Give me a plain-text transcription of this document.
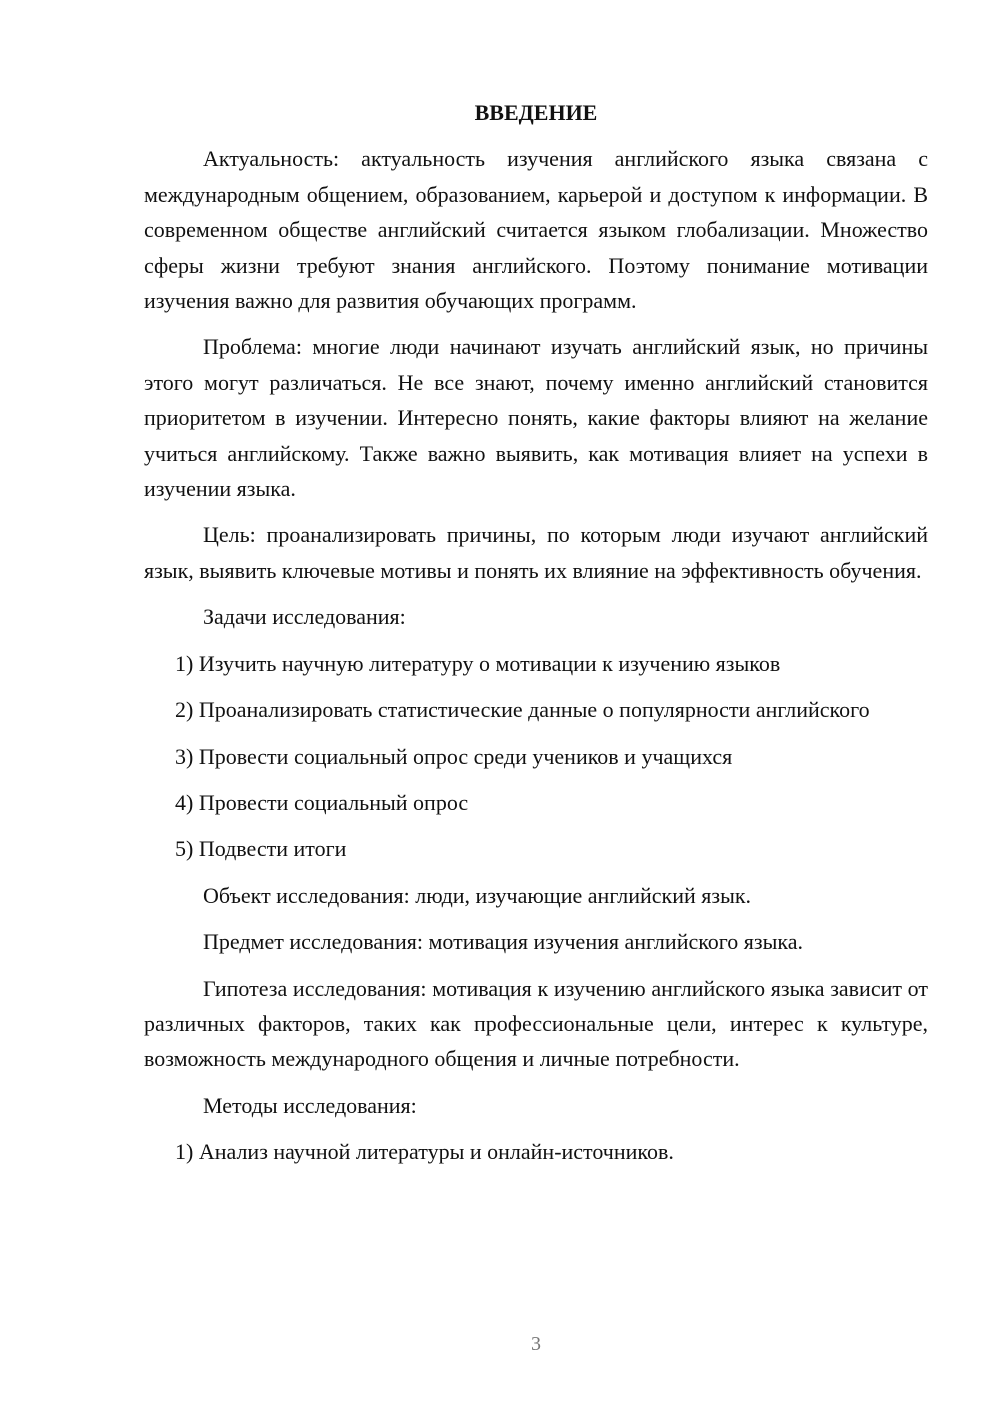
ВВЕДЕНИЕ

Актуальность: актуальность изучения английского языка связана с международным общением, образованием, карьерой и доступом к информации. В современном обществе английский считается языком глобализации. Множество сферы жизни требуют знания английского. Поэтому понимание мотивации изучения важно для развития обучающих программ.

Проблема: многие люди начинают изучать английский язык, но причины этого могут различаться. Не все знают, почему именно английский становится приоритетом в изучении. Интересно понять, какие факторы влияют на желание учиться английскому. Также важно выявить, как мотивация влияет на успехи в изучении языка.

Цель: проанализировать причины, по которым люди изучают английский язык, выявить ключевые мотивы и понять их влияние на эффективность обучения.

Задачи исследования:

1) Изучить научную литературу о мотивации к изучению языков

2) Проанализировать статистические данные о популярности английского

3) Провести социальный опрос среди учеников и учащихся

4) Провести социальный опрос

5) Подвести итоги

Объект исследования: люди, изучающие английский язык.

Предмет исследования: мотивация изучения английского языка.

Гипотеза исследования: мотивация к изучению английского языка зависит от различных факторов, таких как профессиональные цели, интерес к культуре, возможность международного общения и личные потребности.

Методы исследования:

1) Анализ научной литературы и онлайн-источников.

3
